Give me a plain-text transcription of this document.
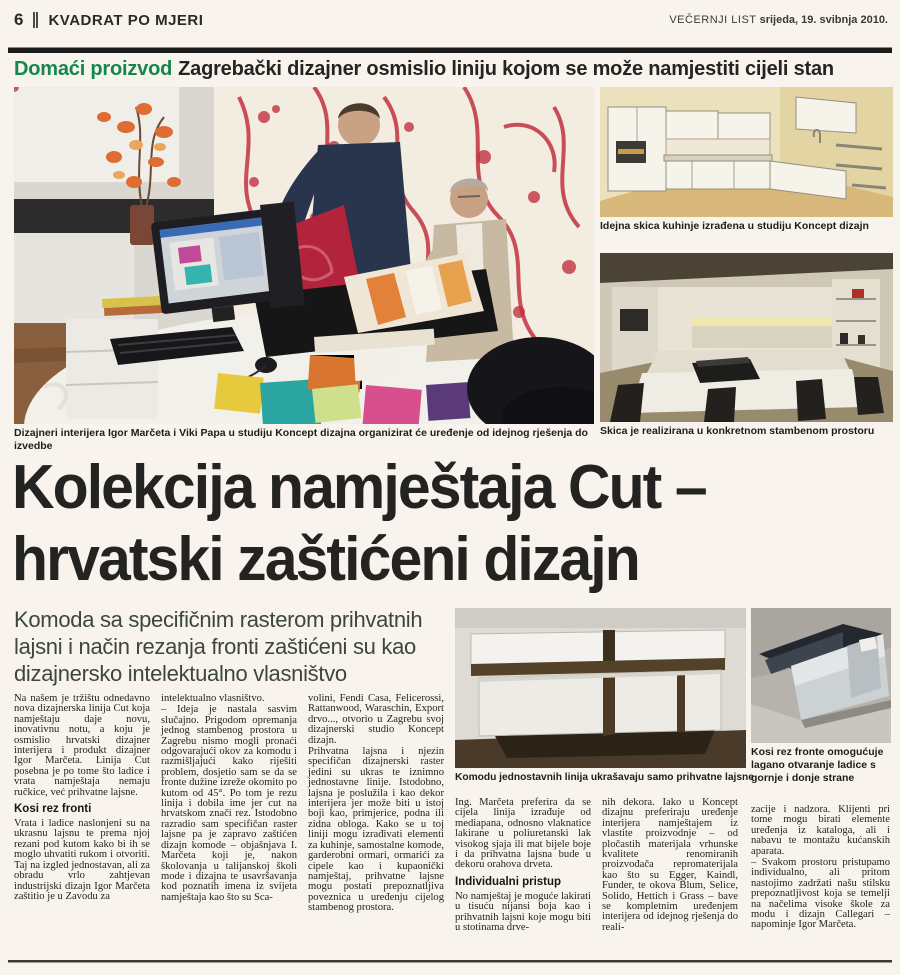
6 KVADRAT PO MJERI	VEČERNJI LIST srijeda, 19. svibnja 2010.
Domaći proizvod Zagrebački dizajner osmislio liniju kojom se može namjestiti cijeli stan
Dizajneri interijera Igor Marčeta i Viki Papa u studiju Koncept dizajna organizirat će uređenje od idejnog rješenja do izvedbe
Idejna skica kuhinje izrađena u studiju Koncept dizajn
Skica je realizirana u konkretnom stambenom prostoru
Kolekcija namještaja Cut –
hrvatski zaštićeni dizajn

Komoda sa specifičnim rasterom prihvatnih lajsni i način rezanja fronti zaštićeni su kao dizajnersko intelektualno vlasništvo

Komodu jednostavnih linija ukrašavaju samo prihvatne lajsne
Kosi rez fronte omogućuje lagano otvaranje ladice s gornje i donje strane

Na našem je tržištu odnedavno nova dizajnerska linija Cut koja namještaju daje novu, inovativnu notu, a koju je osmislio hrvatski dizajner interijera i produkt dizajner Igor Marčeta. Linija Cut posebna je po tome što ladice i vrata namještaja nemaju ručkice, već prihvatne lajsne.

Kosi rez fronti

Vrata i ladice naslonjeni su na ukrasnu lajsnu te prema njoj rezani pod kutom kako bi ih se moglo uhvatiti rukom i otvoriti. Taj na izgled jednostavan, ali za obradu vrlo zahtjevan industrijski dizajn Igor Marčeta zaštitio je u Zavodu za

intelektualno vlasništvo.

– Ideja je nastala sasvim slučajno. Prigodom opremanja jednog stambenog prostora u Zagrebu nismo mogli pronaći odgovarajući okov za komodu i razmišljajući kako riješiti problem, dosjetio sam se da se fronte dužine izreže okomito po kutom od 45°. Po tom je rezu linija i dobila ime jer cut na hrvatskom znači rez. Istodobno razradio sam specifičan raster lajsne pa je zapravo zaštićen dizajn komode – objašnjava I. Marčeta koji je, nakon školovanja u talijanskoj školi mode i dizajna te usavršavanja kod poznatih imena iz svijeta namještaja kao što su Sca-

volini, Fendi Casa, Felicerossi, Rattanwood, Waraschin, Export drvo..., otvorio u Zagrebu svoj dizajnerski studio Koncept dizajn.

Prihvatna lajsna i njezin specifičan dizajnerski raster jedini su ukras te iznimno jednostavne linije. Istodobno, lajsna je poslužila i kao dekor interijera jer može biti u istoj boji kao, primjerice, podna ili zidna obloga. Kako se u toj liniji mogu izrađivati elementi za kuhinje, samostalne komode, garderobni ormari, ormarići za cipele kao i kupaonički namještaj, prihvatne lajsne mogu postati prepoznatljiva poveznica u uređenju cijelog stambenog prostora.

Ing. Marčeta preferira da se cijela linija izrađuje od mediapana, odnosno vlaknatice lakirane u poliuretanski lak visokog sjaja ili mat bijele boje i da prihvatna lajsna bude u dekoru orahova drveta.

Individualni pristup

No namještaj je moguće lakirati u tisuću nijansi boja kao i prihvatnih lajsni koje mogu biti u stotinama drve-

nih dekora. Iako u Koncept dizajnu preferiraju uređenje interijera namještajem iz vlastite proizvodnje – od pločastih materijala vrhunske kvalitete renomiranih proizvođača repromaterijala kao što su Egger, Kaindl, Funder, te okova Blum, Selice, Solido, Hettich i Grass – bave se kompletnim uređenjem interijera od idejnog rješenja do reali-

zacije i nadzora. Klijenti pri tome mogu birati elemente uređenja iz kataloga, ali i nabavu te montažu kućanskih aparata.

– Svakom prostoru pristupamo individualno, ali pritom nastojimo zadržati našu stilsku prepoznatljivost koja se temelji na načelima visoke škole za modu i dizajn Callegari – napominje Igor Marčeta.
